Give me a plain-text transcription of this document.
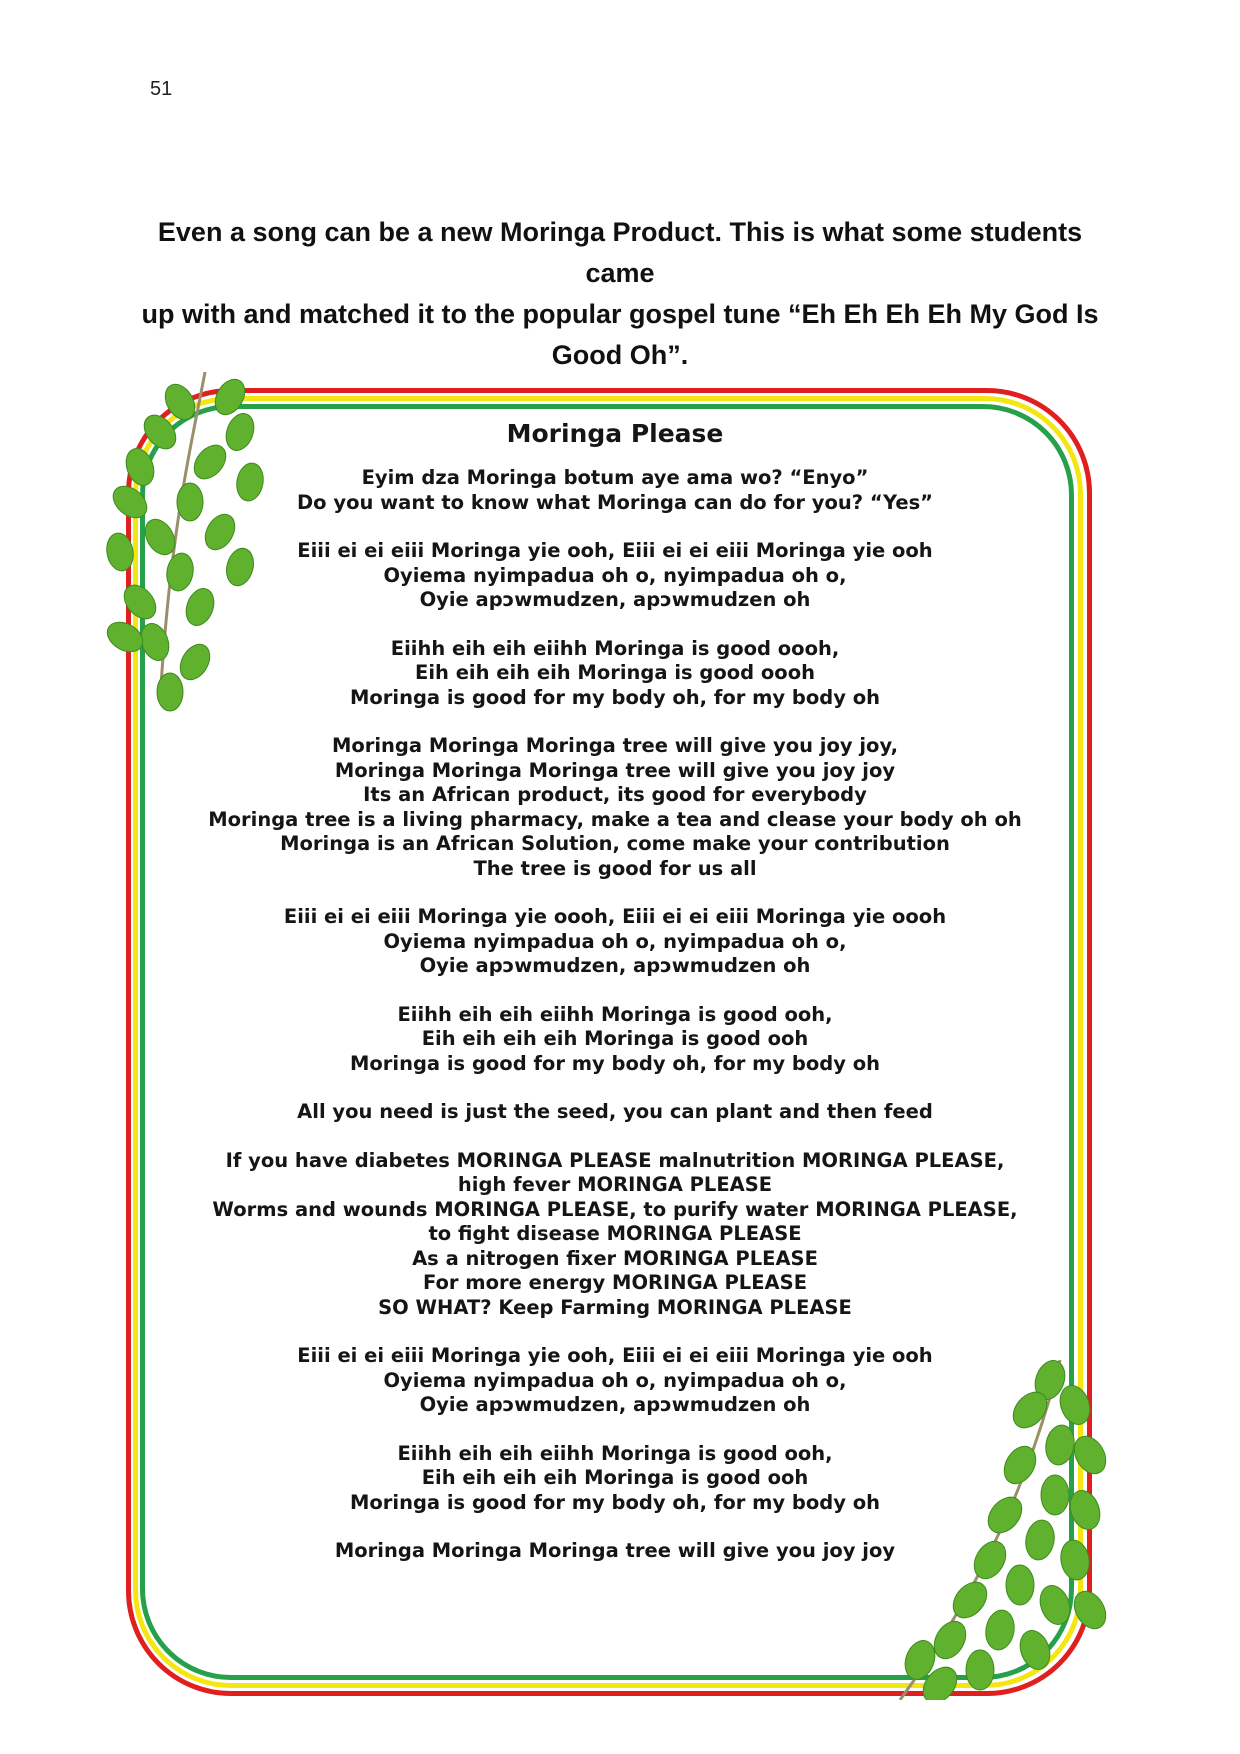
51
Even a song can be a new Moringa Product. This is what some students came
up with and matched it to the popular gospel tune “Eh Eh Eh Eh My God Is
Good Oh”.
Moringa Please
Eyim dza Moringa botum aye ama wo? “Enyo”
Do you want to know what Moringa can do for you? “Yes”
Eiii ei ei eiii Moringa yie ooh, Eiii ei ei eiii Moringa yie ooh
Oyiema nyimpadua oh o, nyimpadua oh o,
Oyie apɔwmudzen, apɔwmudzen oh
Eiihh eih eih eiihh Moringa is good oooh,
Eih eih eih eih Moringa is good oooh
Moringa is good for my body oh, for my body oh
Moringa Moringa Moringa tree will give you joy joy,
Moringa Moringa Moringa tree will give you joy joy
Its an African product, its good for everybody
Moringa tree is a living pharmacy, make a tea and clease your body oh oh
Moringa is an African Solution, come make your contribution
The tree is good for us all
Eiii ei ei eiii Moringa yie oooh, Eiii ei ei eiii Moringa yie oooh
Oyiema nyimpadua oh o, nyimpadua oh o,
Oyie apɔwmudzen, apɔwmudzen oh
Eiihh eih eih eiihh Moringa is good ooh,
Eih eih eih eih Moringa is good ooh
Moringa is good for my body oh, for my body oh
All you need is just the seed, you can plant and then feed
If you have diabetes MORINGA PLEASE malnutrition MORINGA PLEASE,
high fever MORINGA PLEASE
Worms and wounds MORINGA PLEASE, to purify water MORINGA PLEASE,
to fight disease MORINGA PLEASE
As a nitrogen fixer MORINGA PLEASE
For more energy MORINGA PLEASE
SO WHAT? Keep Farming MORINGA PLEASE
Eiii ei ei eiii Moringa yie ooh, Eiii ei ei eiii Moringa yie ooh
Oyiema nyimpadua oh o, nyimpadua oh o,
Oyie apɔwmudzen, apɔwmudzen oh
Eiihh eih eih eiihh Moringa is good ooh,
Eih eih eih eih Moringa is good ooh
Moringa is good for my body oh, for my body oh
Moringa Moringa Moringa tree will give you joy joy
